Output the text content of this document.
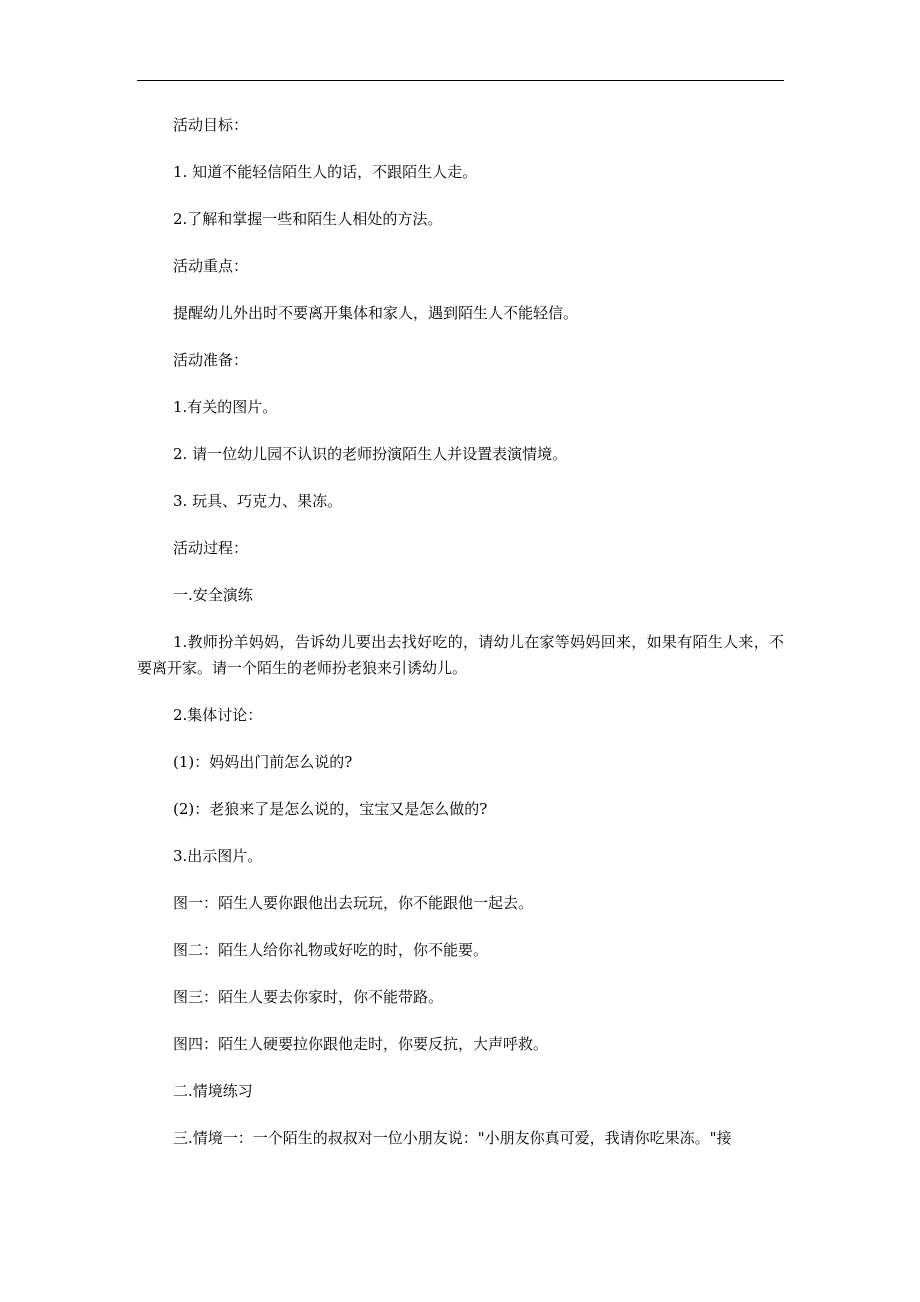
活动目标：

1. 知道不能轻信陌生人的话，不跟陌生人走。

2.了解和掌握一些和陌生人相处的方法。

活动重点：

提醒幼儿外出时不要离开集体和家人，遇到陌生人不能轻信。

活动准备：

1.有关的图片。

2. 请一位幼儿园不认识的老师扮演陌生人并设置表演情境。

3. 玩具、巧克力、果冻。

活动过程：

一.安全演练

1.教师扮羊妈妈，告诉幼儿要出去找好吃的，请幼儿在家等妈妈回来，如果有陌生人来，不要离开家。请一个陌生的老师扮老狼来引诱幼儿。

2.集体讨论：

(1)：妈妈出门前怎么说的?

(2)：老狼来了是怎么说的，宝宝又是怎么做的?

3.出示图片。

图一：陌生人要你跟他出去玩玩，你不能跟他一起去。

图二：陌生人给你礼物或好吃的时，你不能要。

图三：陌生人要去你家时，你不能带路。

图四：陌生人硬要拉你跟他走时，你要反抗，大声呼救。

二.情境练习

三.情境一：一个陌生的叔叔对一位小朋友说："小朋友你真可爱，我请你吃果冻。"接
